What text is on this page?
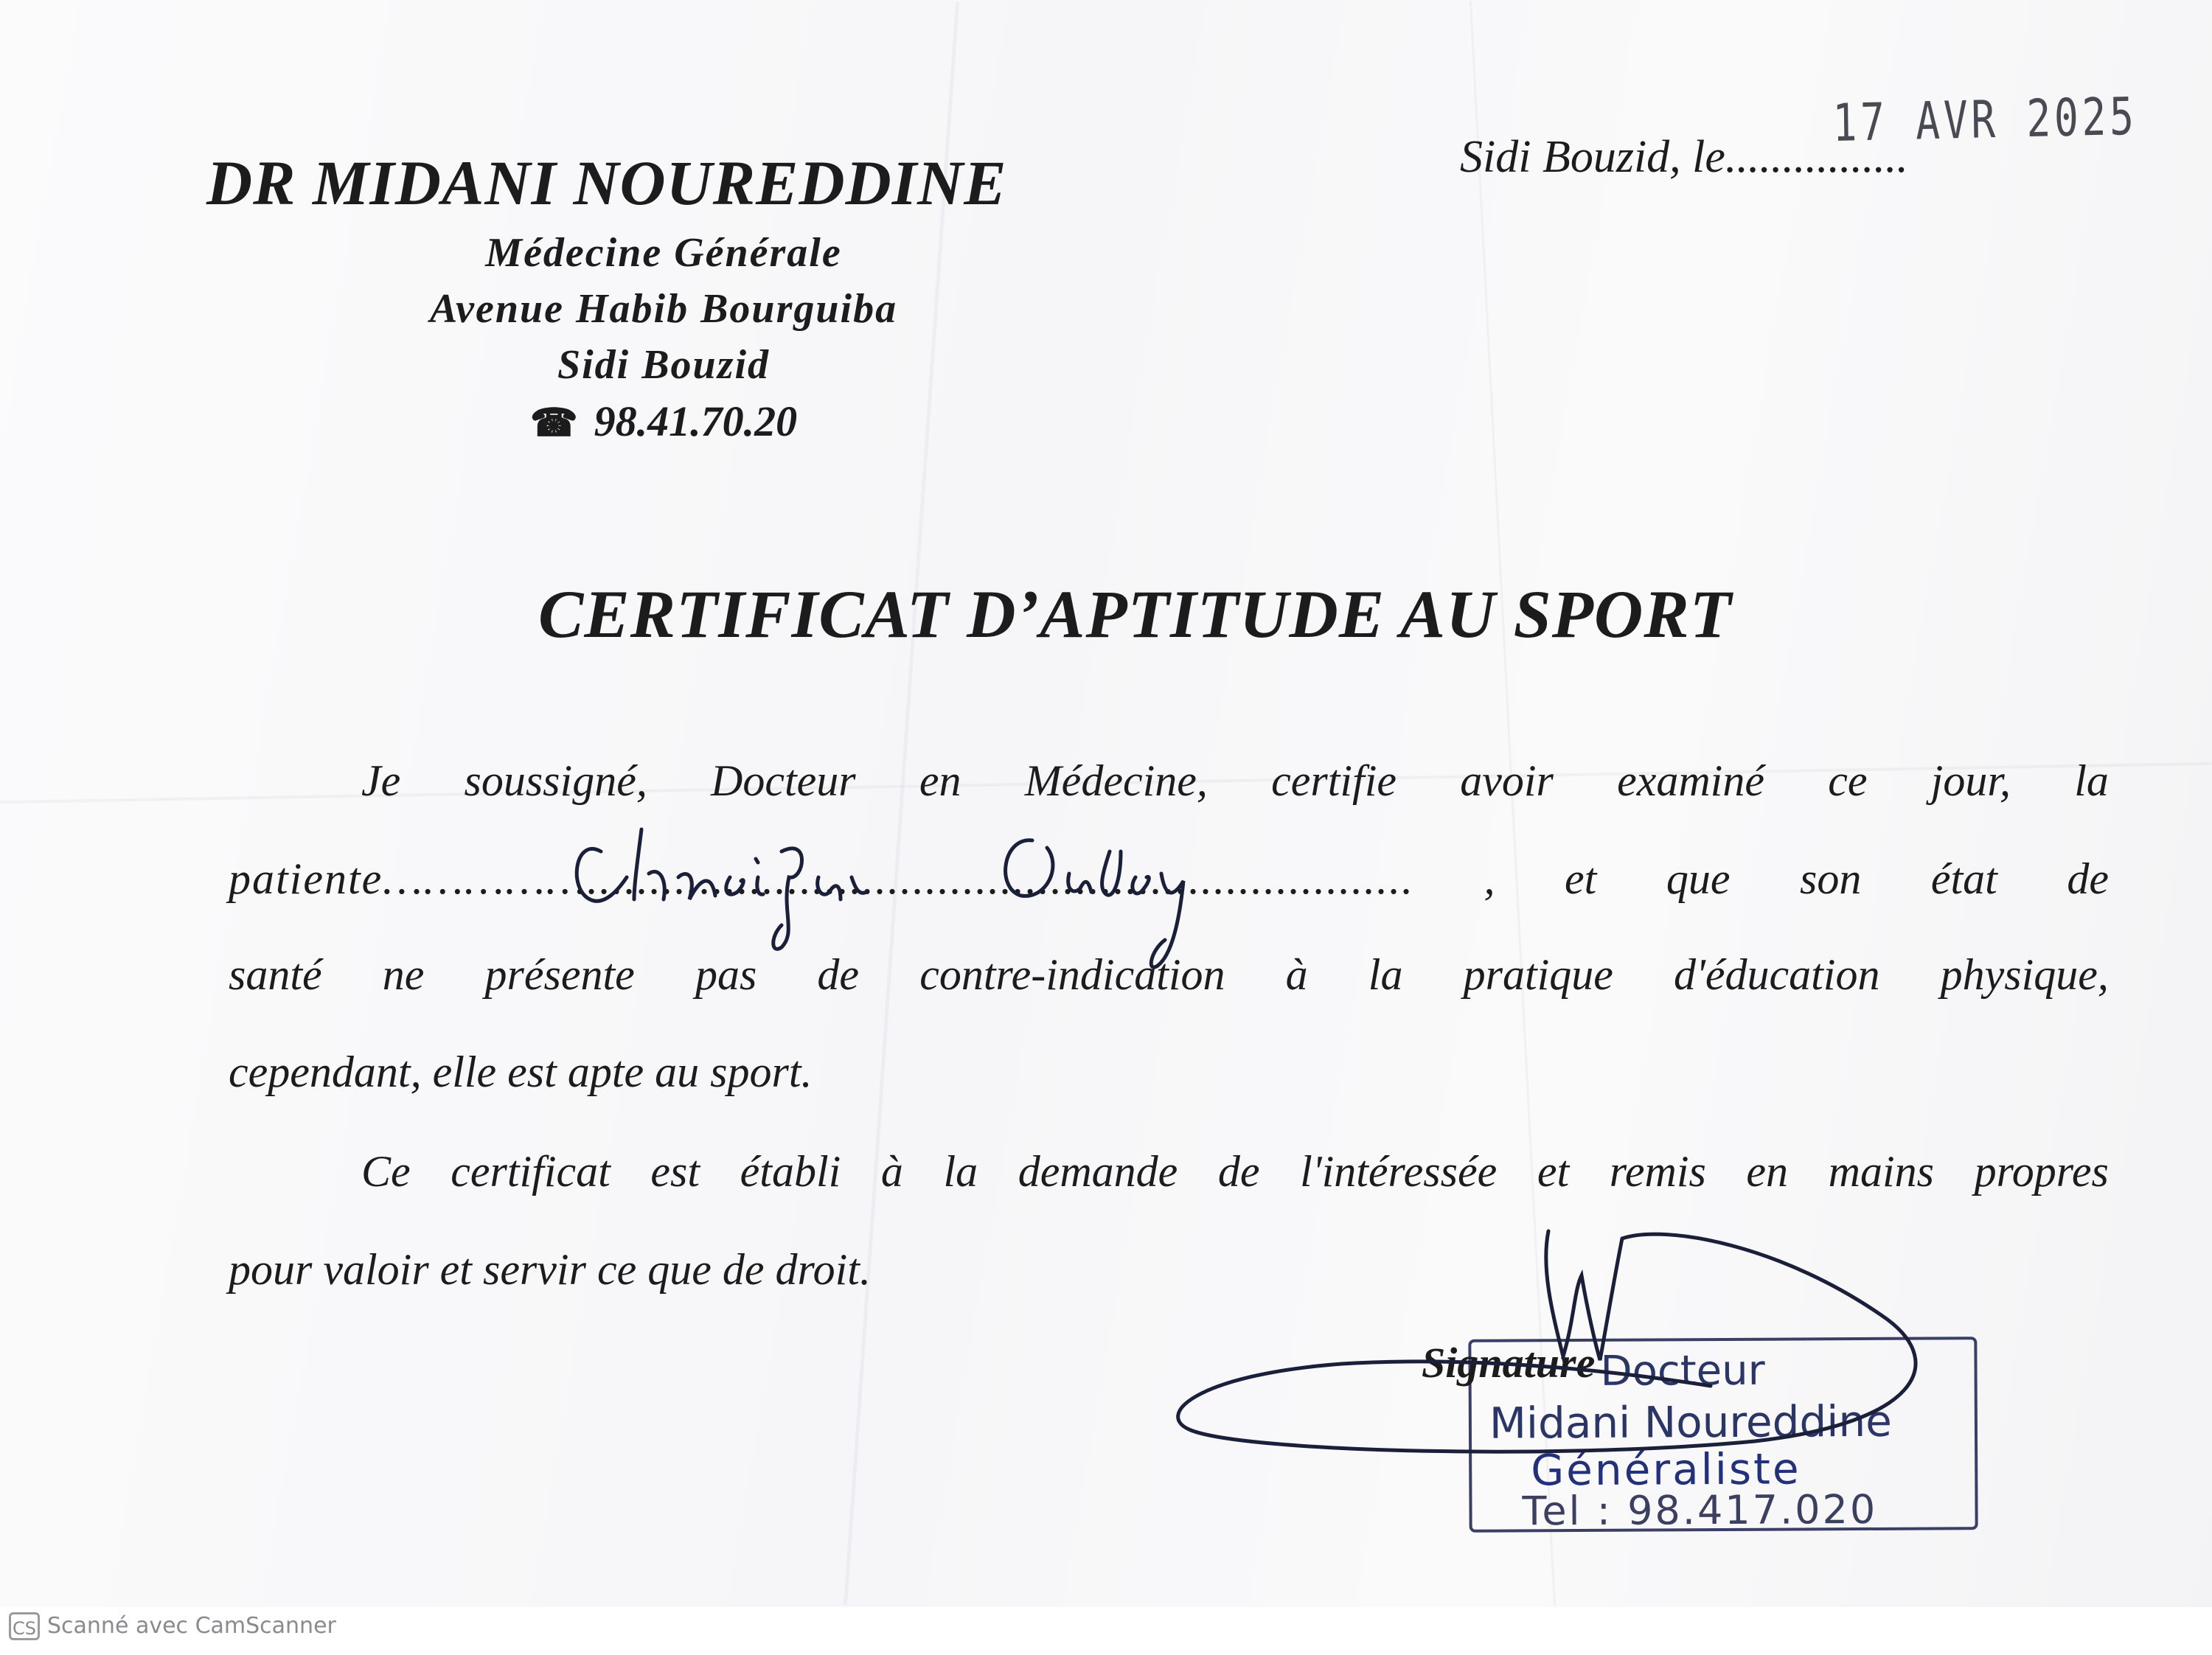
DR MIDANI NOUREDDINE
Médecine Générale
Avenue Habib Bourguiba
Sidi Bouzid
☎ 98.41.70.20
Sidi Bouzid, le................
17 AVR 2025
CERTIFICAT D’APTITUDE AU SPORT
Je soussigné, Docteur en Médecine, certifie avoir examiné ce jour, la
patiente…………….................................................................. , et que son état de
santé ne présente pas de contre-indication à la pratique d'éducation physique,
cependant, elle est apte au sport.
Ce certificat est établi à la demande de l'intéressée et remis en mains propres
pour valoir et servir ce que de droit.
Docteur
Midani Noureddine
Généraliste
Tel : 98.417.020
Signature
CS Scanné avec CamScanner
